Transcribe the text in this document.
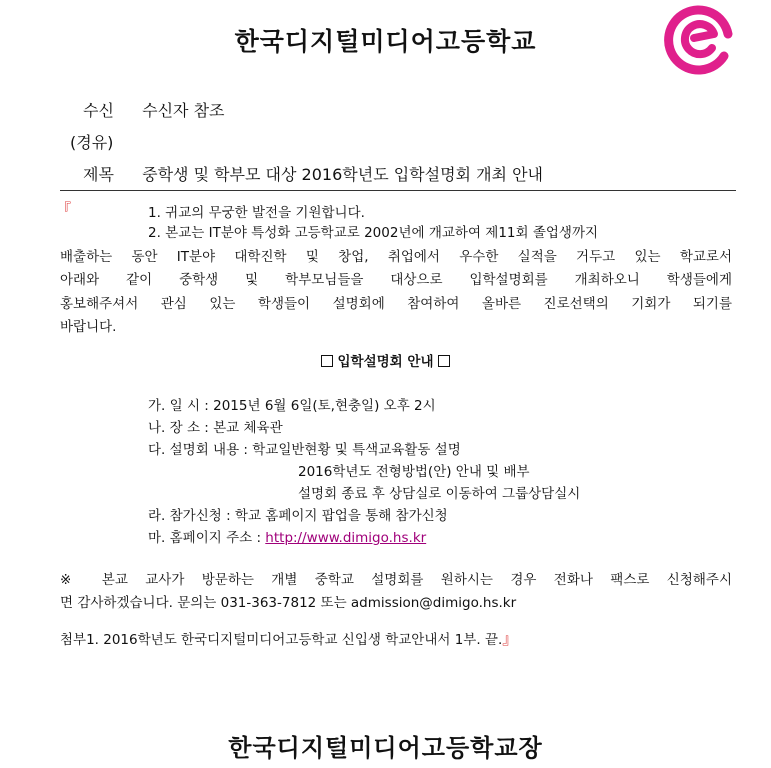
한국디지털미디어고등학교
수신 수신자 참조
(경유)
제목 중학생 및 학부모 대상 2016학년도 입학설명회 개최 안내
『	1. 귀교의 무궁한 발전을 기원합니다.
2. 본교는 IT분야 특성화 고등학교로 2002년에 개교하여 제11회 졸업생까지
배출하는 동안 IT분야 대학진학 및 창업, 취업에서 우수한 실적을 거두고 있는 학교로서
아래와 같이 중학생 및 학부모님들을 대상으로 입학설명회를 개최하오니 학생들에게
홍보해주셔서 관심 있는 학생들이 설명회에 참여하여 올바른 진로선택의 기회가 되기를
바랍니다.
입학설명회 안내
가. 일 시 : 2015년 6월 6일(토,현충일) 오후 2시
나. 장 소 : 본교 체육관
다. 설명회 내용 : 학교일반현황 및 특색교육활동 설명
2016학년도 전형방법(안) 안내 및 배부
설명회 종료 후 상담실로 이동하여 그룹상담실시
라. 참가신청 : 학교 홈페이지 팝업을 통해 참가신청
마. 홈페이지 주소 : http://www.dimigo.hs.kr
※ 본교 교사가 방문하는 개별 중학교 설명회를 원하시는 경우 전화나 팩스로 신청해주시
면 감사하겠습니다. 문의는 031-363-7812 또는 admission@dimigo.hs.kr
첨부1. 2016학년도 한국디지털미디어고등학교 신입생 학교안내서 1부. 끝.』
한국디지털미디어고등학교장
